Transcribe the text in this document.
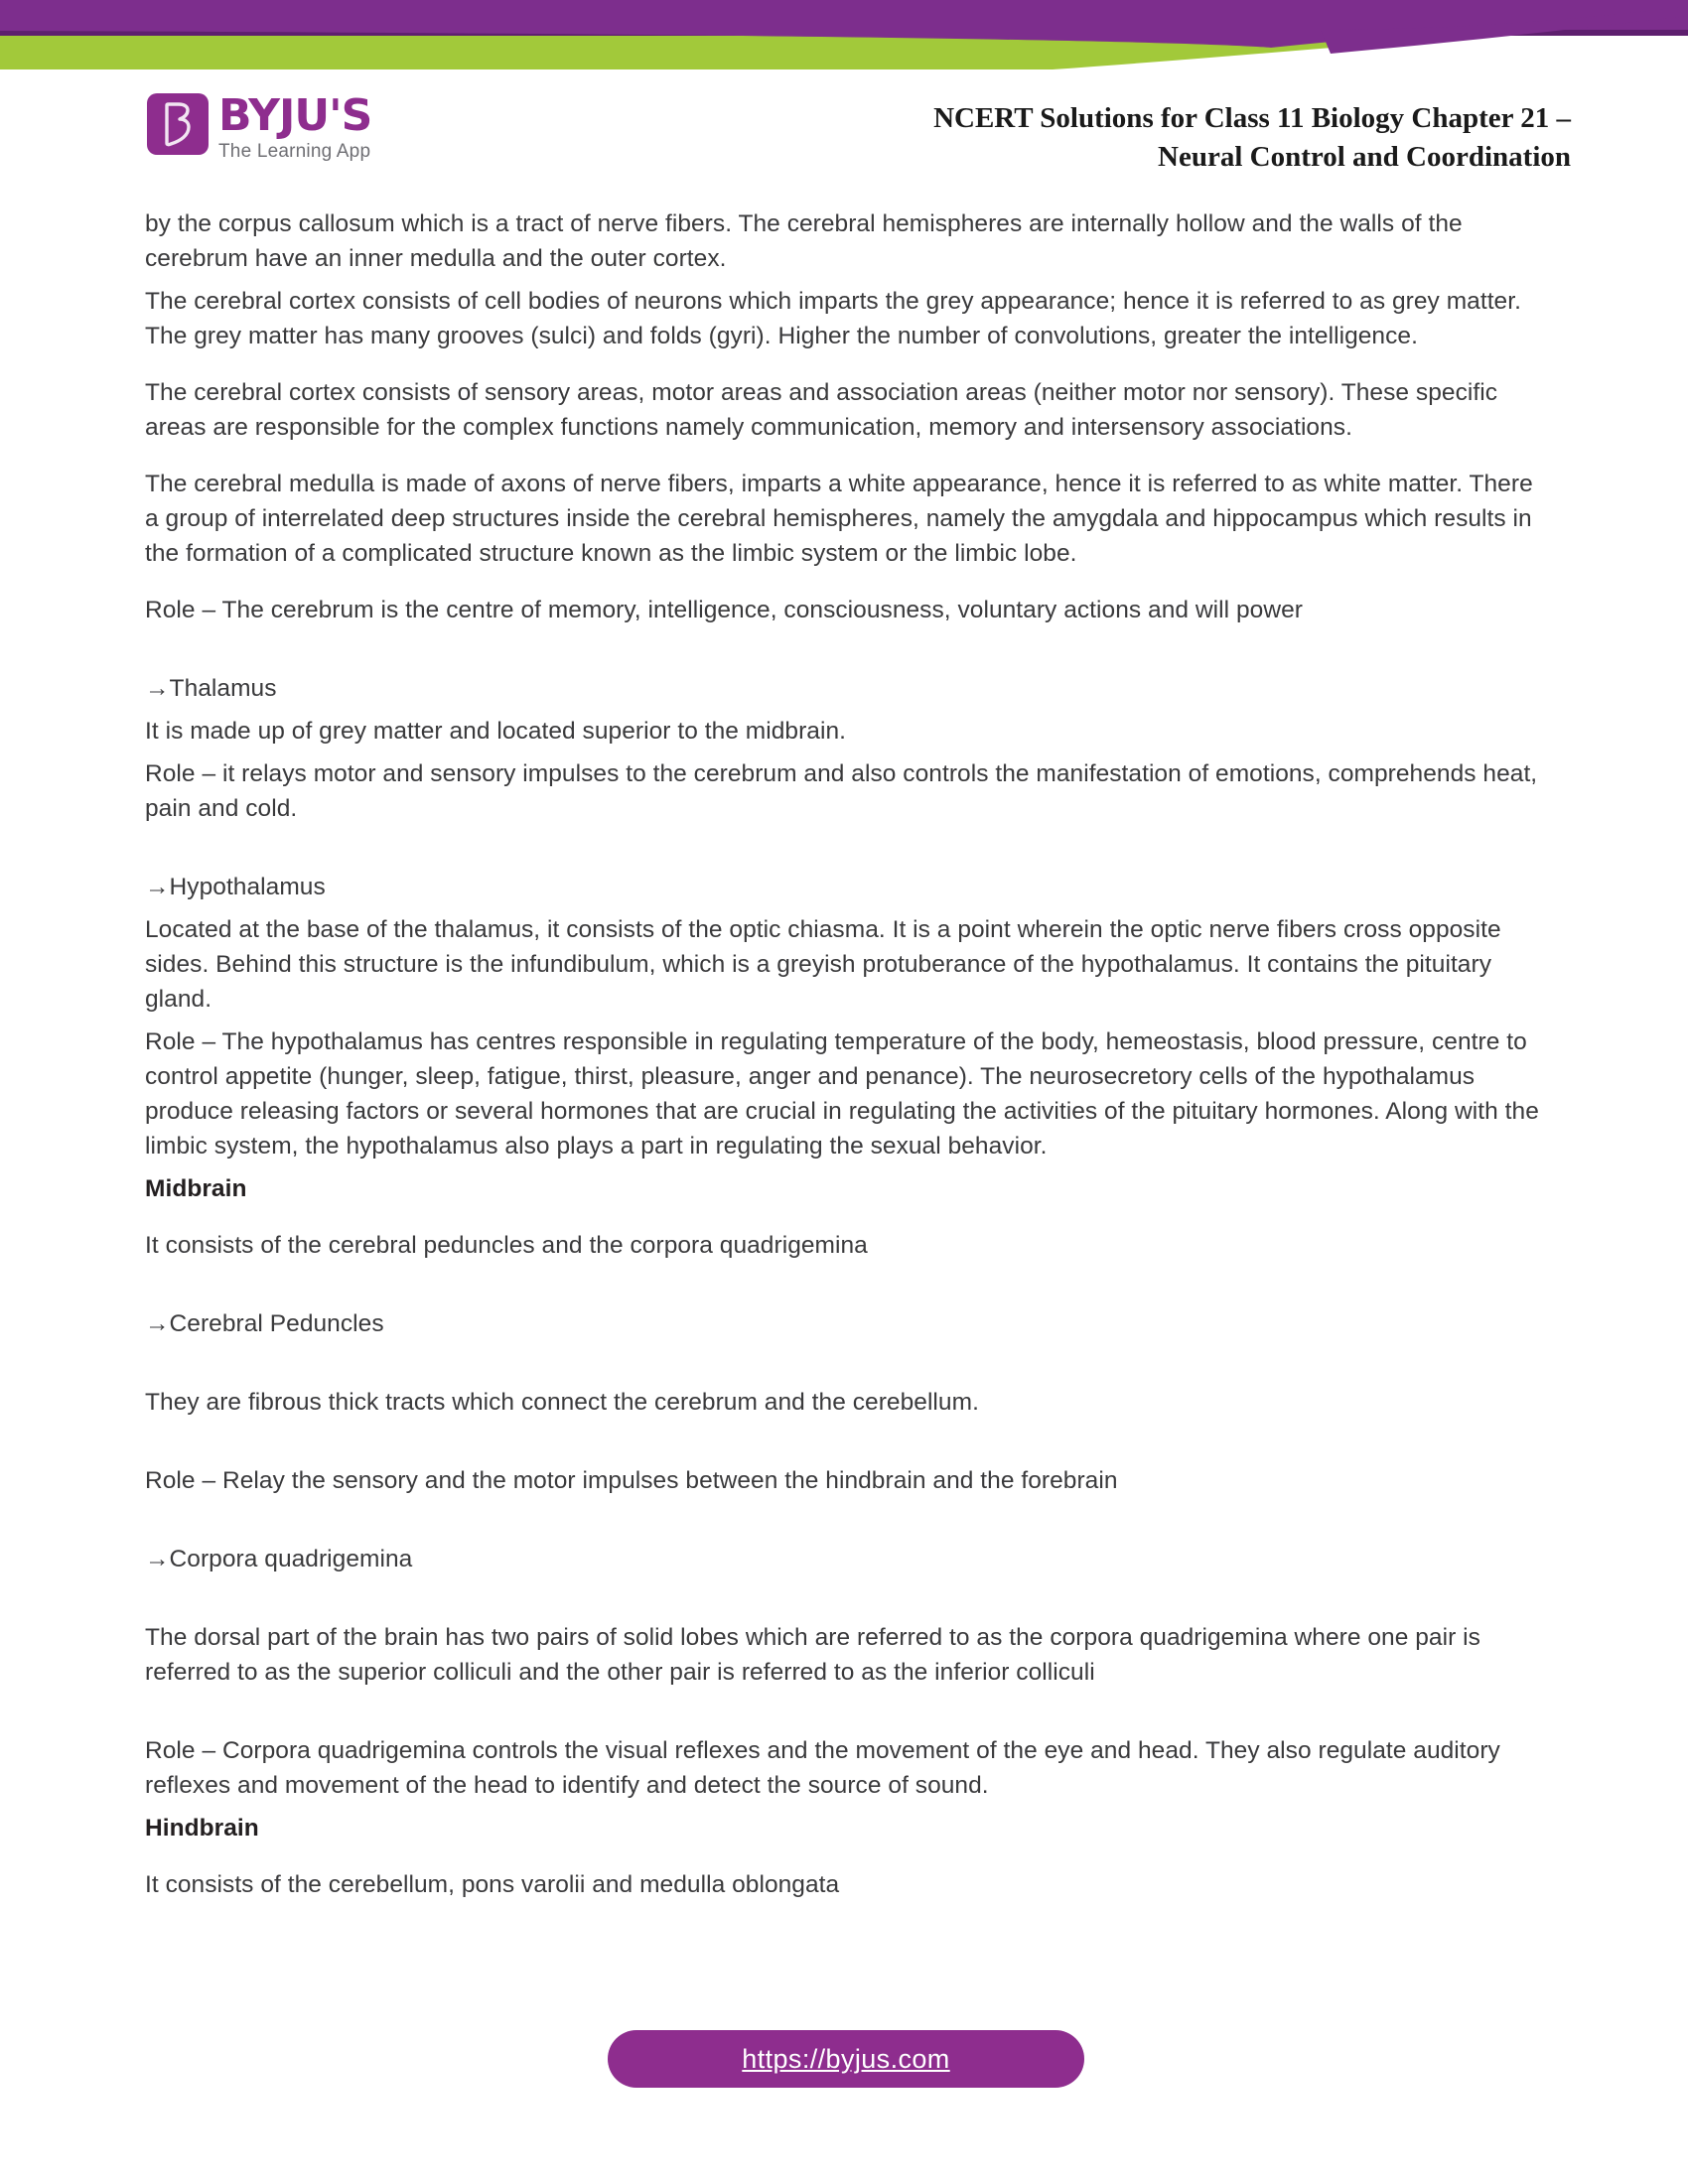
BYJU'S
The Learning App
NCERT Solutions for Class 11 Biology Chapter 21 –
Neural Control and Coordination

by the corpus callosum which is a tract of nerve fibers. The cerebral hemispheres are internally hollow and the walls of the cerebrum have an inner medulla and the outer cortex.

The cerebral cortex consists of cell bodies of neurons which imparts the grey appearance; hence it is referred to as grey matter. The grey matter has many grooves (sulci) and folds (gyri). Higher the number of convolutions, greater the intelligence.

The cerebral cortex consists of sensory areas, motor areas and association areas (neither motor nor sensory). These specific areas are responsible for the complex functions namely communication, memory and intersensory associations.

The cerebral medulla is made of axons of nerve fibers, imparts a white appearance, hence it is referred to as white matter. There a group of interrelated deep structures inside the cerebral hemispheres, namely the amygdala and hippocampus which results in the formation of a complicated structure known as the limbic system or the limbic lobe.

Role – The cerebrum is the centre of memory, intelligence, consciousness, voluntary actions and will power

→Thalamus

It is made up of grey matter and located superior to the midbrain.

Role – it relays motor and sensory impulses to the cerebrum and also controls the manifestation of emotions, comprehends heat, pain and cold.

→Hypothalamus

Located at the base of the thalamus, it consists of the optic chiasma. It is a point wherein the optic nerve fibers cross opposite sides. Behind this structure is the infundibulum, which is a greyish protuberance of the hypothalamus. It contains the pituitary gland.

Role – The hypothalamus has centres responsible in regulating temperature of the body, hemeostasis, blood pressure, centre to control appetite (hunger, sleep, fatigue, thirst, pleasure, anger and penance). The neurosecretory cells of the hypothalamus produce releasing factors or several hormones that are crucial in regulating the activities of the pituitary hormones. Along with the limbic system, the hypothalamus also plays a part in regulating the sexual behavior.

Midbrain

It consists of the cerebral peduncles and the corpora quadrigemina

→Cerebral Peduncles

They are fibrous thick tracts which connect the cerebrum and the cerebellum.

Role – Relay the sensory and the motor impulses between the hindbrain and the forebrain

→Corpora quadrigemina

The dorsal part of the brain has two pairs of solid lobes which are referred to as the corpora quadrigemina where one pair is referred to as the superior colliculi and the other pair is referred to as the inferior colliculi

Role – Corpora quadrigemina controls the visual reflexes and the movement of the eye and head. They also regulate auditory reflexes and movement of the head to identify and detect the source of sound.

Hindbrain

It consists of the cerebellum, pons varolii and medulla oblongata

https://byjus.com
